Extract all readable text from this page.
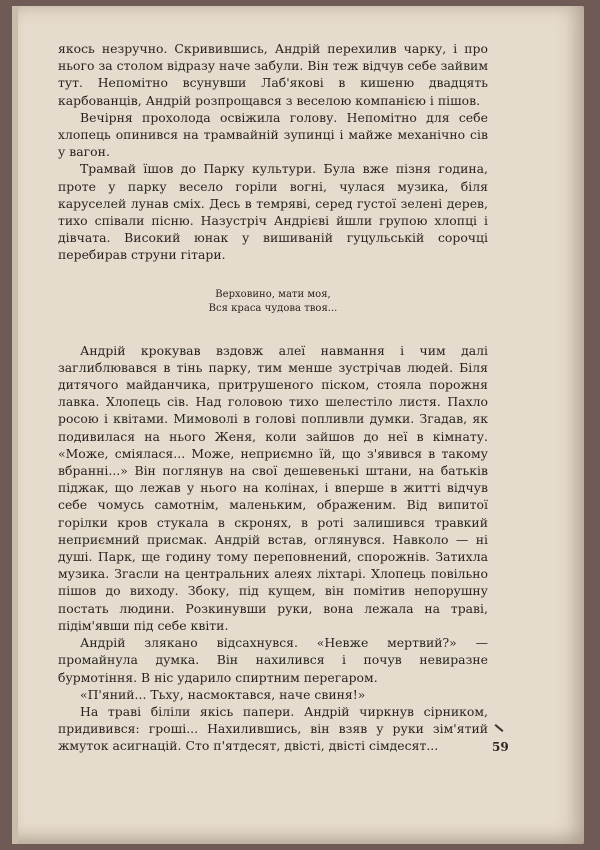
якось незручно. Скривившись, Андрій перехилив чарку, і про нього за столом відразу наче забули. Він теж відчув себе зайвим тут. Непомітно всунувши Лаб'якові в кишеню двадцять карбованців, Андрій розпрощався з веселою компанією і пішов.

Вечірня прохолода освіжила голову. Непомітно для себе хлопець опинився на трамвайній зупинці і майже механічно сів у вагон.

Трамвай їшов до Парку культури. Була вже пізня година, проте у парку весело горіли вогні, чулася музика, біля каруселей лунав сміх. Десь в темряві, серед густої зелені дерев, тихо співали пісню. Назустріч Андрієві йшли групою хлопці і дівчата. Високий юнак у вишиваній гуцульській сорочці перебирав струни гітари.

Верховино, мати моя,
Вся краса чудова твоя...

Андрій крокував вздовж алеї навмання і чим далі заглиблювався в тінь парку, тим менше зустрічав людей. Біля дитячого майданчика, притрушеного піском, стояла порожня лавка. Хлопець сів. Над головою тихо шелестіло листя. Пахло росою і квітами. Мимоволі в голові попливли думки. Згадав, як подивилася на нього Женя, коли зайшов до неї в кімнату. «Може, сміялася... Може, неприємно їй, що з'явився в такому вбранні...» Він поглянув на свої дешевенькі штани, на батьків піджак, що лежав у нього на колінах, і вперше в житті відчув себе чомусь самотнім, маленьким, ображеним. Від випитої горілки кров стукала в скронях, в роті залишився травкий неприємний присмак. Андрій встав, оглянувся. Навколо — ні душі. Парк, ще годину тому переповнений, спорожнів. Затихла музика. Згасли на центральних алеях ліхтарі. Хлопець повільно пішов до виходу. Збоку, під кущем, він помітив непорушну постать людини. Розкинувши руки, вона лежала на траві, підім'явши під себе квіти.

Андрій злякано відсахнувся. «Невже мертвий?» — промайнула думка. Він нахилився і почув невиразне бурмотіння. В ніс ударило спиртним перегаром.

«П'яний... Тьху, насмоктався, наче свиня!»

На траві біліли якісь папери. Андрій чиркнув сірником, придивився: гроші... Нахилившись, він взяв у руки зім'ятий жмуток асигнацій. Сто п'ятдесят, двісті, двісті сімдесят...	59
